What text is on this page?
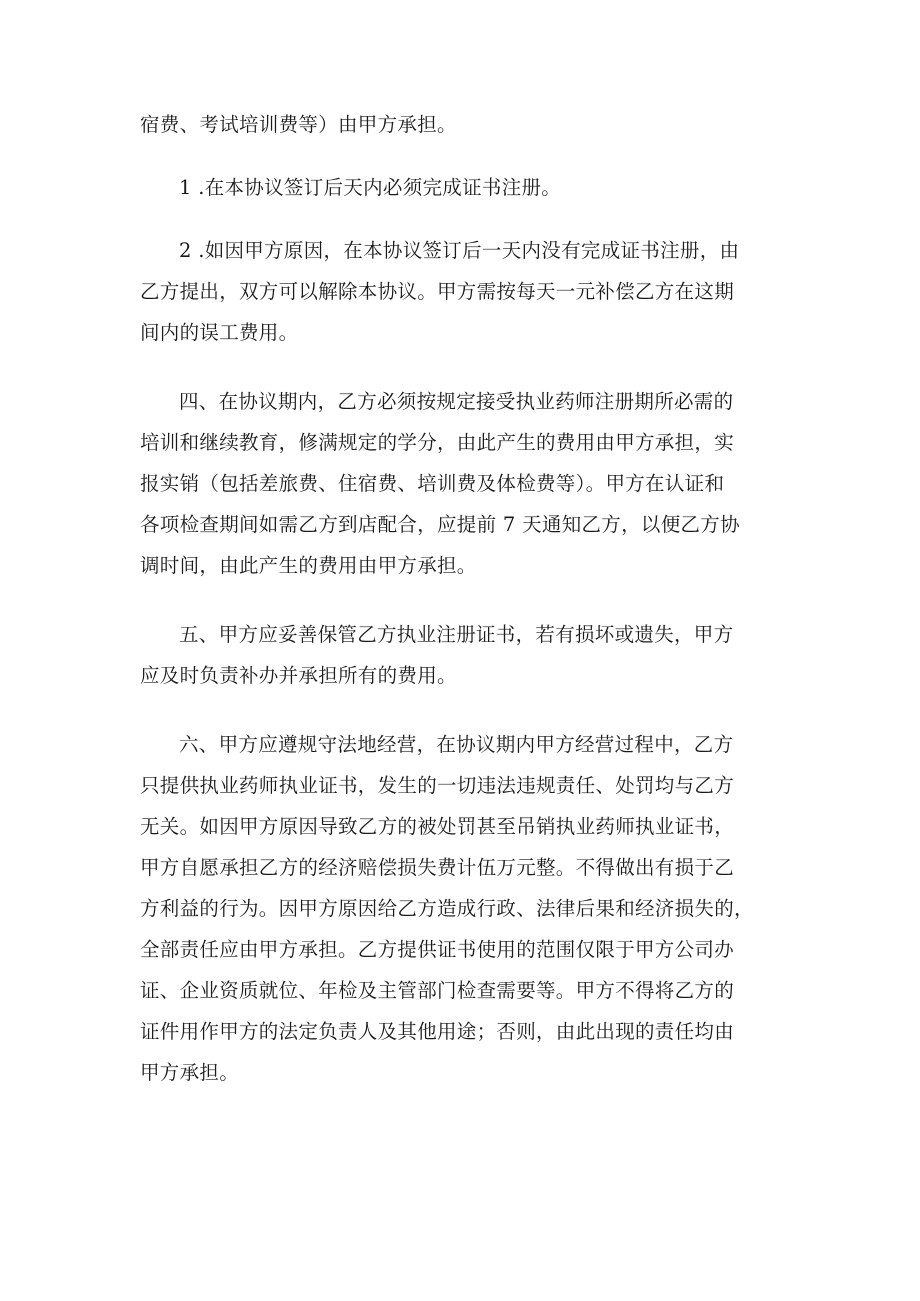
宿费、考试培训费等）由甲方承担。
1 .在本协议签订后天内必须完成证书注册。
2 .如因甲方原因，在本协议签订后一天内没有完成证书注册，由
乙方提出，双方可以解除本协议。甲方需按每天一元补偿乙方在这期
间内的误工费用。
四、在协议期内，乙方必须按规定接受执业药师注册期所必需的
培训和继续教育，修满规定的学分，由此产生的费用由甲方承担，实
报实销（包括差旅费、住宿费、培训费及体检费等）。甲方在认证和
各项检查期间如需乙方到店配合，应提前 7 天通知乙方，以便乙方协
调时间，由此产生的费用由甲方承担。
五、甲方应妥善保管乙方执业注册证书，若有损坏或遗失，甲方
应及时负责补办并承担所有的费用。
六、甲方应遵规守法地经营，在协议期内甲方经营过程中，乙方
只提供执业药师执业证书，发生的一切违法违规责任、处罚均与乙方
无关。如因甲方原因导致乙方的被处罚甚至吊销执业药师执业证书，
甲方自愿承担乙方的经济赔偿损失费计伍万元整。不得做出有损于乙
方利益的行为。因甲方原因给乙方造成行政、法律后果和经济损失的，
全部责任应由甲方承担。乙方提供证书使用的范围仅限于甲方公司办
证、企业资质就位、年检及主管部门检查需要等。甲方不得将乙方的
证件用作甲方的法定负责人及其他用途；否则，由此出现的责任均由
甲方承担。
